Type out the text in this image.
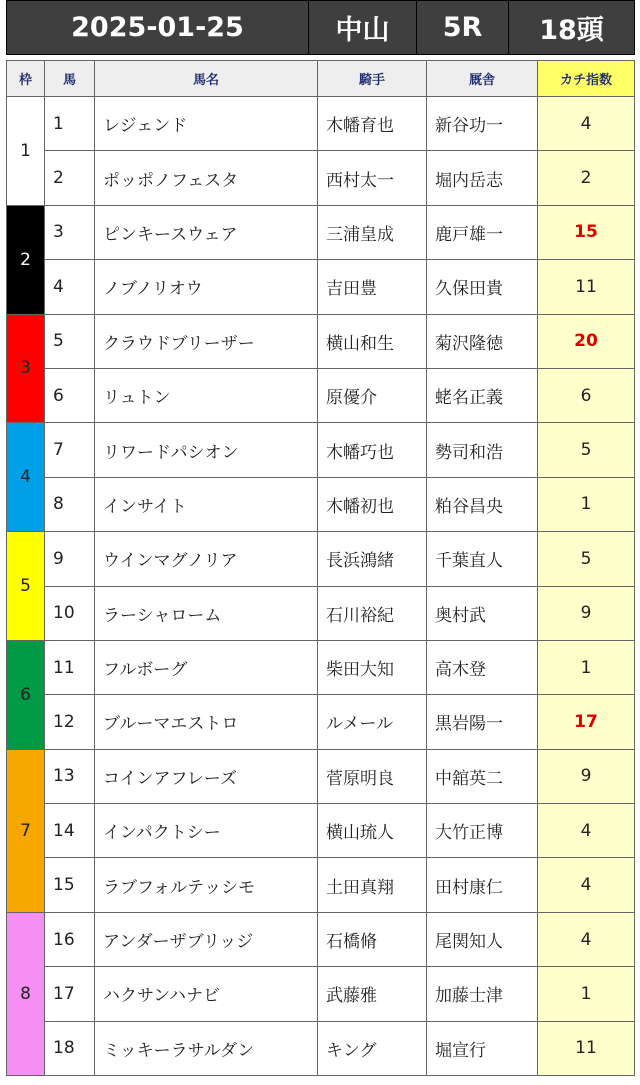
2025-01-25	中山	5R	18頭
枠	馬	馬名	騎手	厩舎	カチ指数
1	1	レジェンド	木幡育也	新谷功一	4
	2	ポッポノフェスタ	西村太一	堀内岳志	2
2	3	ピンキースウェア	三浦皇成	鹿戸雄一	15
	4	ノブノリオウ	吉田豊	久保田貴	11
3	5	クラウドブリーザー	横山和生	菊沢隆徳	20
	6	リュトン	原優介	蛯名正義	6
4	7	リワードパシオン	木幡巧也	勢司和浩	5
	8	インサイト	木幡初也	粕谷昌央	1
5	9	ウインマグノリア	長浜鴻緒	千葉直人	5
	10	ラーシャローム	石川裕紀	奥村武	9
6	11	フルボーグ	柴田大知	高木登	1
	12	ブルーマエストロ	ルメール	黒岩陽一	17
7	13	コインアフレーズ	菅原明良	中舘英二	9
	14	インパクトシー	横山琉人	大竹正博	4
	15	ラブフォルテッシモ	土田真翔	田村康仁	4
8	16	アンダーザブリッジ	石橋脩	尾関知人	4
	17	ハクサンハナビ	武藤雅	加藤士津	1
	18	ミッキーラサルダン	キング	堀宣行	11
